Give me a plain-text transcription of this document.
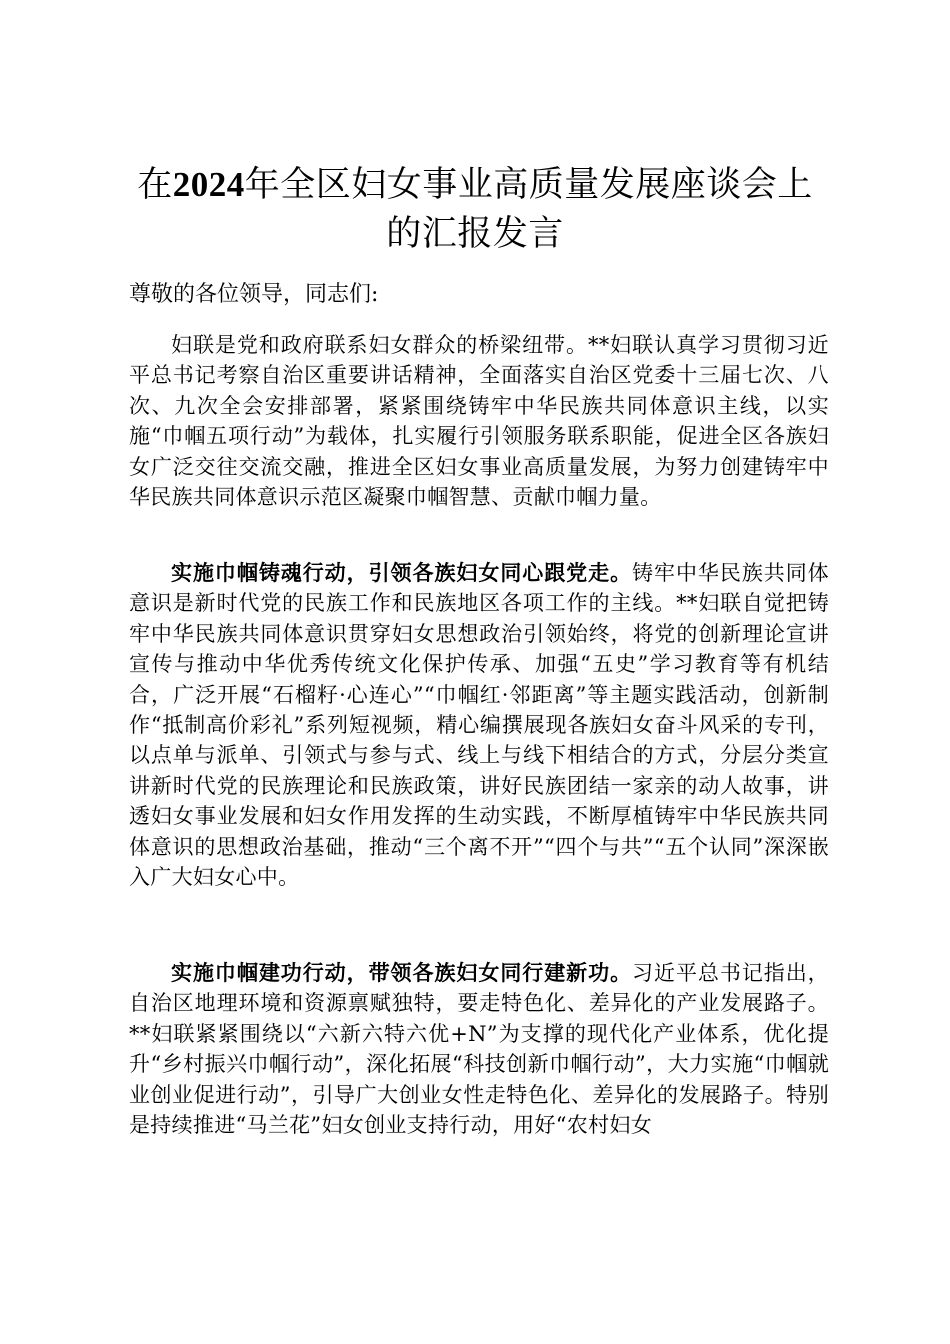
在2024年全区妇女事业高质量发展座谈会上的汇报发言

尊敬的各位领导，同志们:

妇联是党和政府联系妇女群众的桥梁纽带。**妇联认真学习贯彻习近平总书记考察自治区重要讲话精神，全面落实自治区党委十三届七次、八次、九次全会安排部署，紧紧围绕铸牢中华民族共同体意识主线，以实施“巾帼五项行动”为载体，扎实履行引领服务联系职能，促进全区各族妇女广泛交往交流交融，推进全区妇女事业高质量发展，为努力创建铸牢中华民族共同体意识示范区凝聚巾帼智慧、贡献巾帼力量。

实施巾帼铸魂行动，引领各族妇女同心跟党走。铸牢中华民族共同体意识是新时代党的民族工作和民族地区各项工作的主线。**妇联自觉把铸牢中华民族共同体意识贯穿妇女思想政治引领始终，将党的创新理论宣讲宣传与推动中华优秀传统文化保护传承、加强“五史”学习教育等有机结合，广泛开展“石榴籽·心连心”“巾帼红·邻距离”等主题实践活动，创新制作“抵制高价彩礼”系列短视频，精心编撰展现各族妇女奋斗风采的专刊，以点单与派单、引领式与参与式、线上与线下相结合的方式，分层分类宣讲新时代党的民族理论和民族政策，讲好民族团结一家亲的动人故事，讲透妇女事业发展和妇女作用发挥的生动实践，不断厚植铸牢中华民族共同体意识的思想政治基础，推动“三个离不开”“四个与共”“五个认同”深深嵌入广大妇女心中。

实施巾帼建功行动，带领各族妇女同行建新功。习近平总书记指出，自治区地理环境和资源禀赋独特，要走特色化、差异化的产业发展路子。**妇联紧紧围绕以“六新六特六优+N”为支撑的现代化产业体系，优化提升“乡村振兴巾帼行动”，深化拓展“科技创新巾帼行动”，大力实施“巾帼就业创业促进行动”，引导广大创业女性走特色化、差异化的发展路子。特别是持续推进“马兰花”妇女创业支持行动，用好“农村妇女
